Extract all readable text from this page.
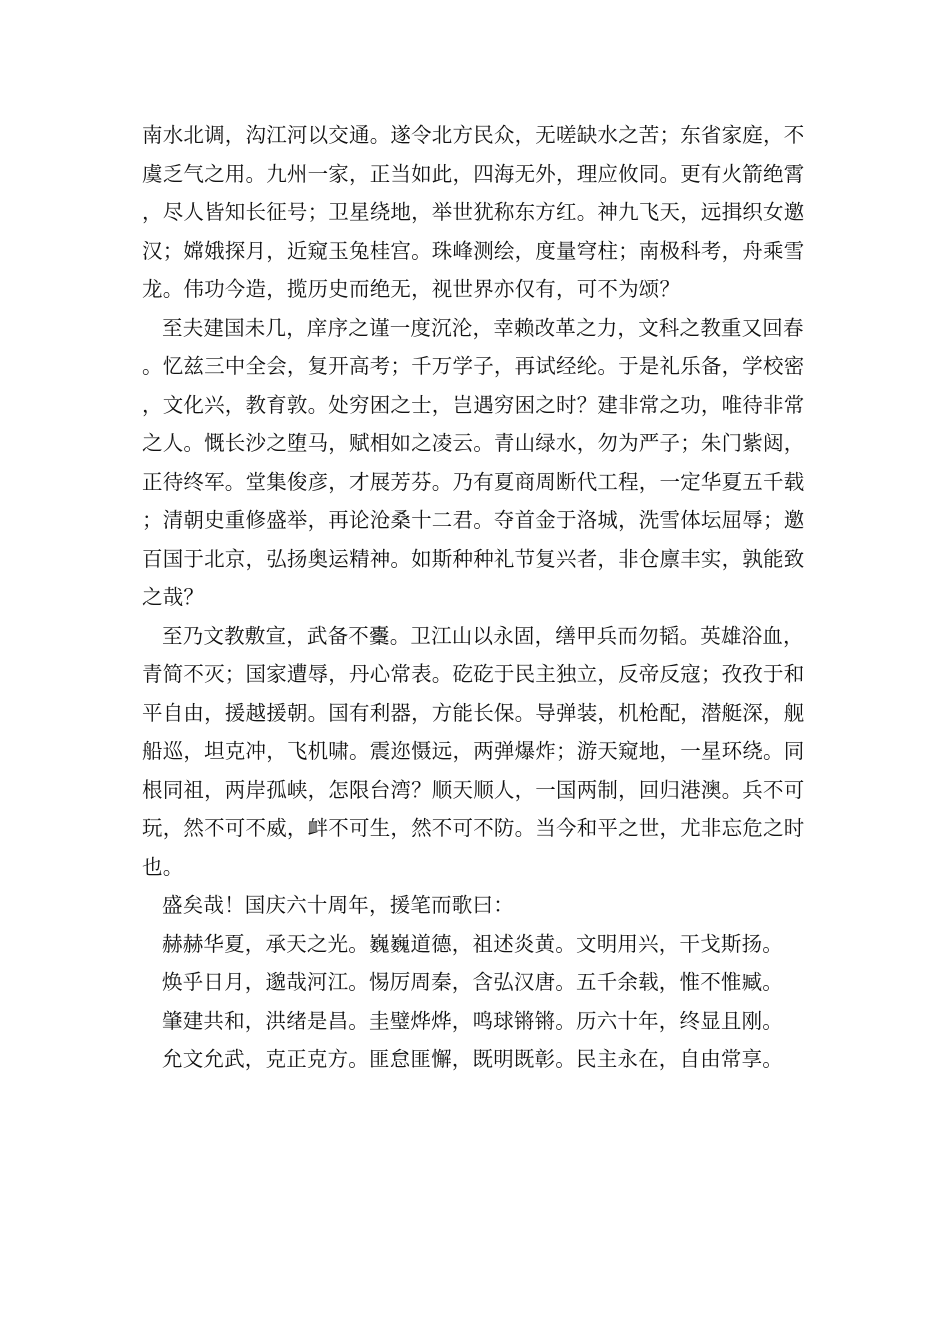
南水北调，沟江河以交通。遂令北方民众，无嗟缺水之苦；东省家庭，不虞乏气之用。九州一家，正当如此，四海无外，理应攸同。更有火箭绝霄，尽人皆知长征号；卫星绕地，举世犹称东方红。神九飞天，远揖织女邀汉；嫦娥探月，近窥玉兔桂宫。珠峰测绘，度量穹柱；南极科考，舟乘雪龙。伟功今造，揽历史而绝无，视世界亦仅有，可不为颂？

至夫建国未几，庠序之谨一度沉沦，幸赖改革之力，文科之教重又回春。忆兹三中全会，复开高考；千万学子，再试经纶。于是礼乐备，学校密，文化兴，教育敦。处穷困之士，岂遇穷困之时？建非常之功，唯待非常之人。慨长沙之堕马，赋相如之凌云。青山绿水，勿为严子；朱门紫闼，正待终军。堂集俊彦，才展芳芬。乃有夏商周断代工程，一定华夏五千载；清朝史重修盛举，再论沧桑十二君。夺首金于洛城，洗雪体坛屈辱；邀百国于北京，弘扬奥运精神。如斯种种礼节复兴者，非仓廪丰实，孰能致之哉？

至乃文教敷宣，武备不櫜。卫江山以永固，缮甲兵而勿韬。英雄浴血，青简不灭；国家遭辱，丹心常表。矻矻于民主独立，反帝反寇；孜孜于和平自由，援越援朝。国有利器，方能长保。导弹装，机枪配，潜艇深，舰船巡，坦克冲，飞机啸。震迩慑远，两弹爆炸；游天窥地，一星环绕。同根同祖，两岸孤峡，怎限台湾？顺天顺人，一国两制，回归港澳。兵不可玩，然不可不威，衅不可生，然不可不防。当今和平之世，尤非忘危之时也。

盛矣哉！国庆六十周年，援笔而歌曰：

赫赫华夏，承天之光。巍巍道德，祖述炎黄。文明用兴，干戈斯扬。

焕乎日月，邈哉河江。惕厉周秦，含弘汉唐。五千余载，惟不惟臧。

肇建共和，洪绪是昌。圭璧烨烨，鸣球锵锵。历六十年，终显且刚。

允文允武，克正克方。匪怠匪懈，既明既彰。民主永在，自由常享。
